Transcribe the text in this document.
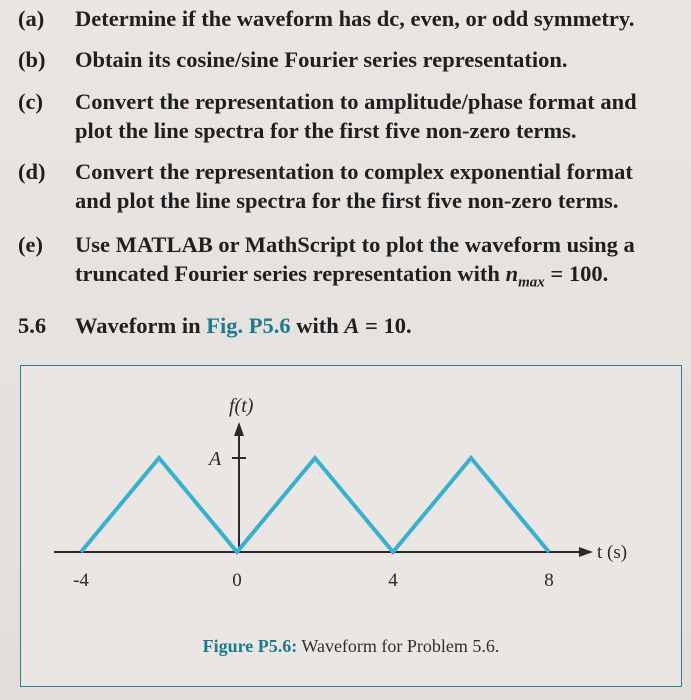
(a) Determine if the waveform has dc, even, or odd symmetry.
(b) Obtain its cosine/sine Fourier series representation.
(c) Convert the representation to amplitude/phase format and
plot the line spectra for the first five non-zero terms.
(d) Convert the representation to complex exponential format
and plot the line spectra for the first five non-zero terms.
(e) Use MATLAB or MathScript to plot the waveform using a
truncated Fourier series representation with $n_{max} = 100$.
5.6 Waveform in Fig. P5.6 with A = 10.
f(t)
A
t (s)
-4	0	4	8
Figure P5.6: Waveform for Problem 5.6.
